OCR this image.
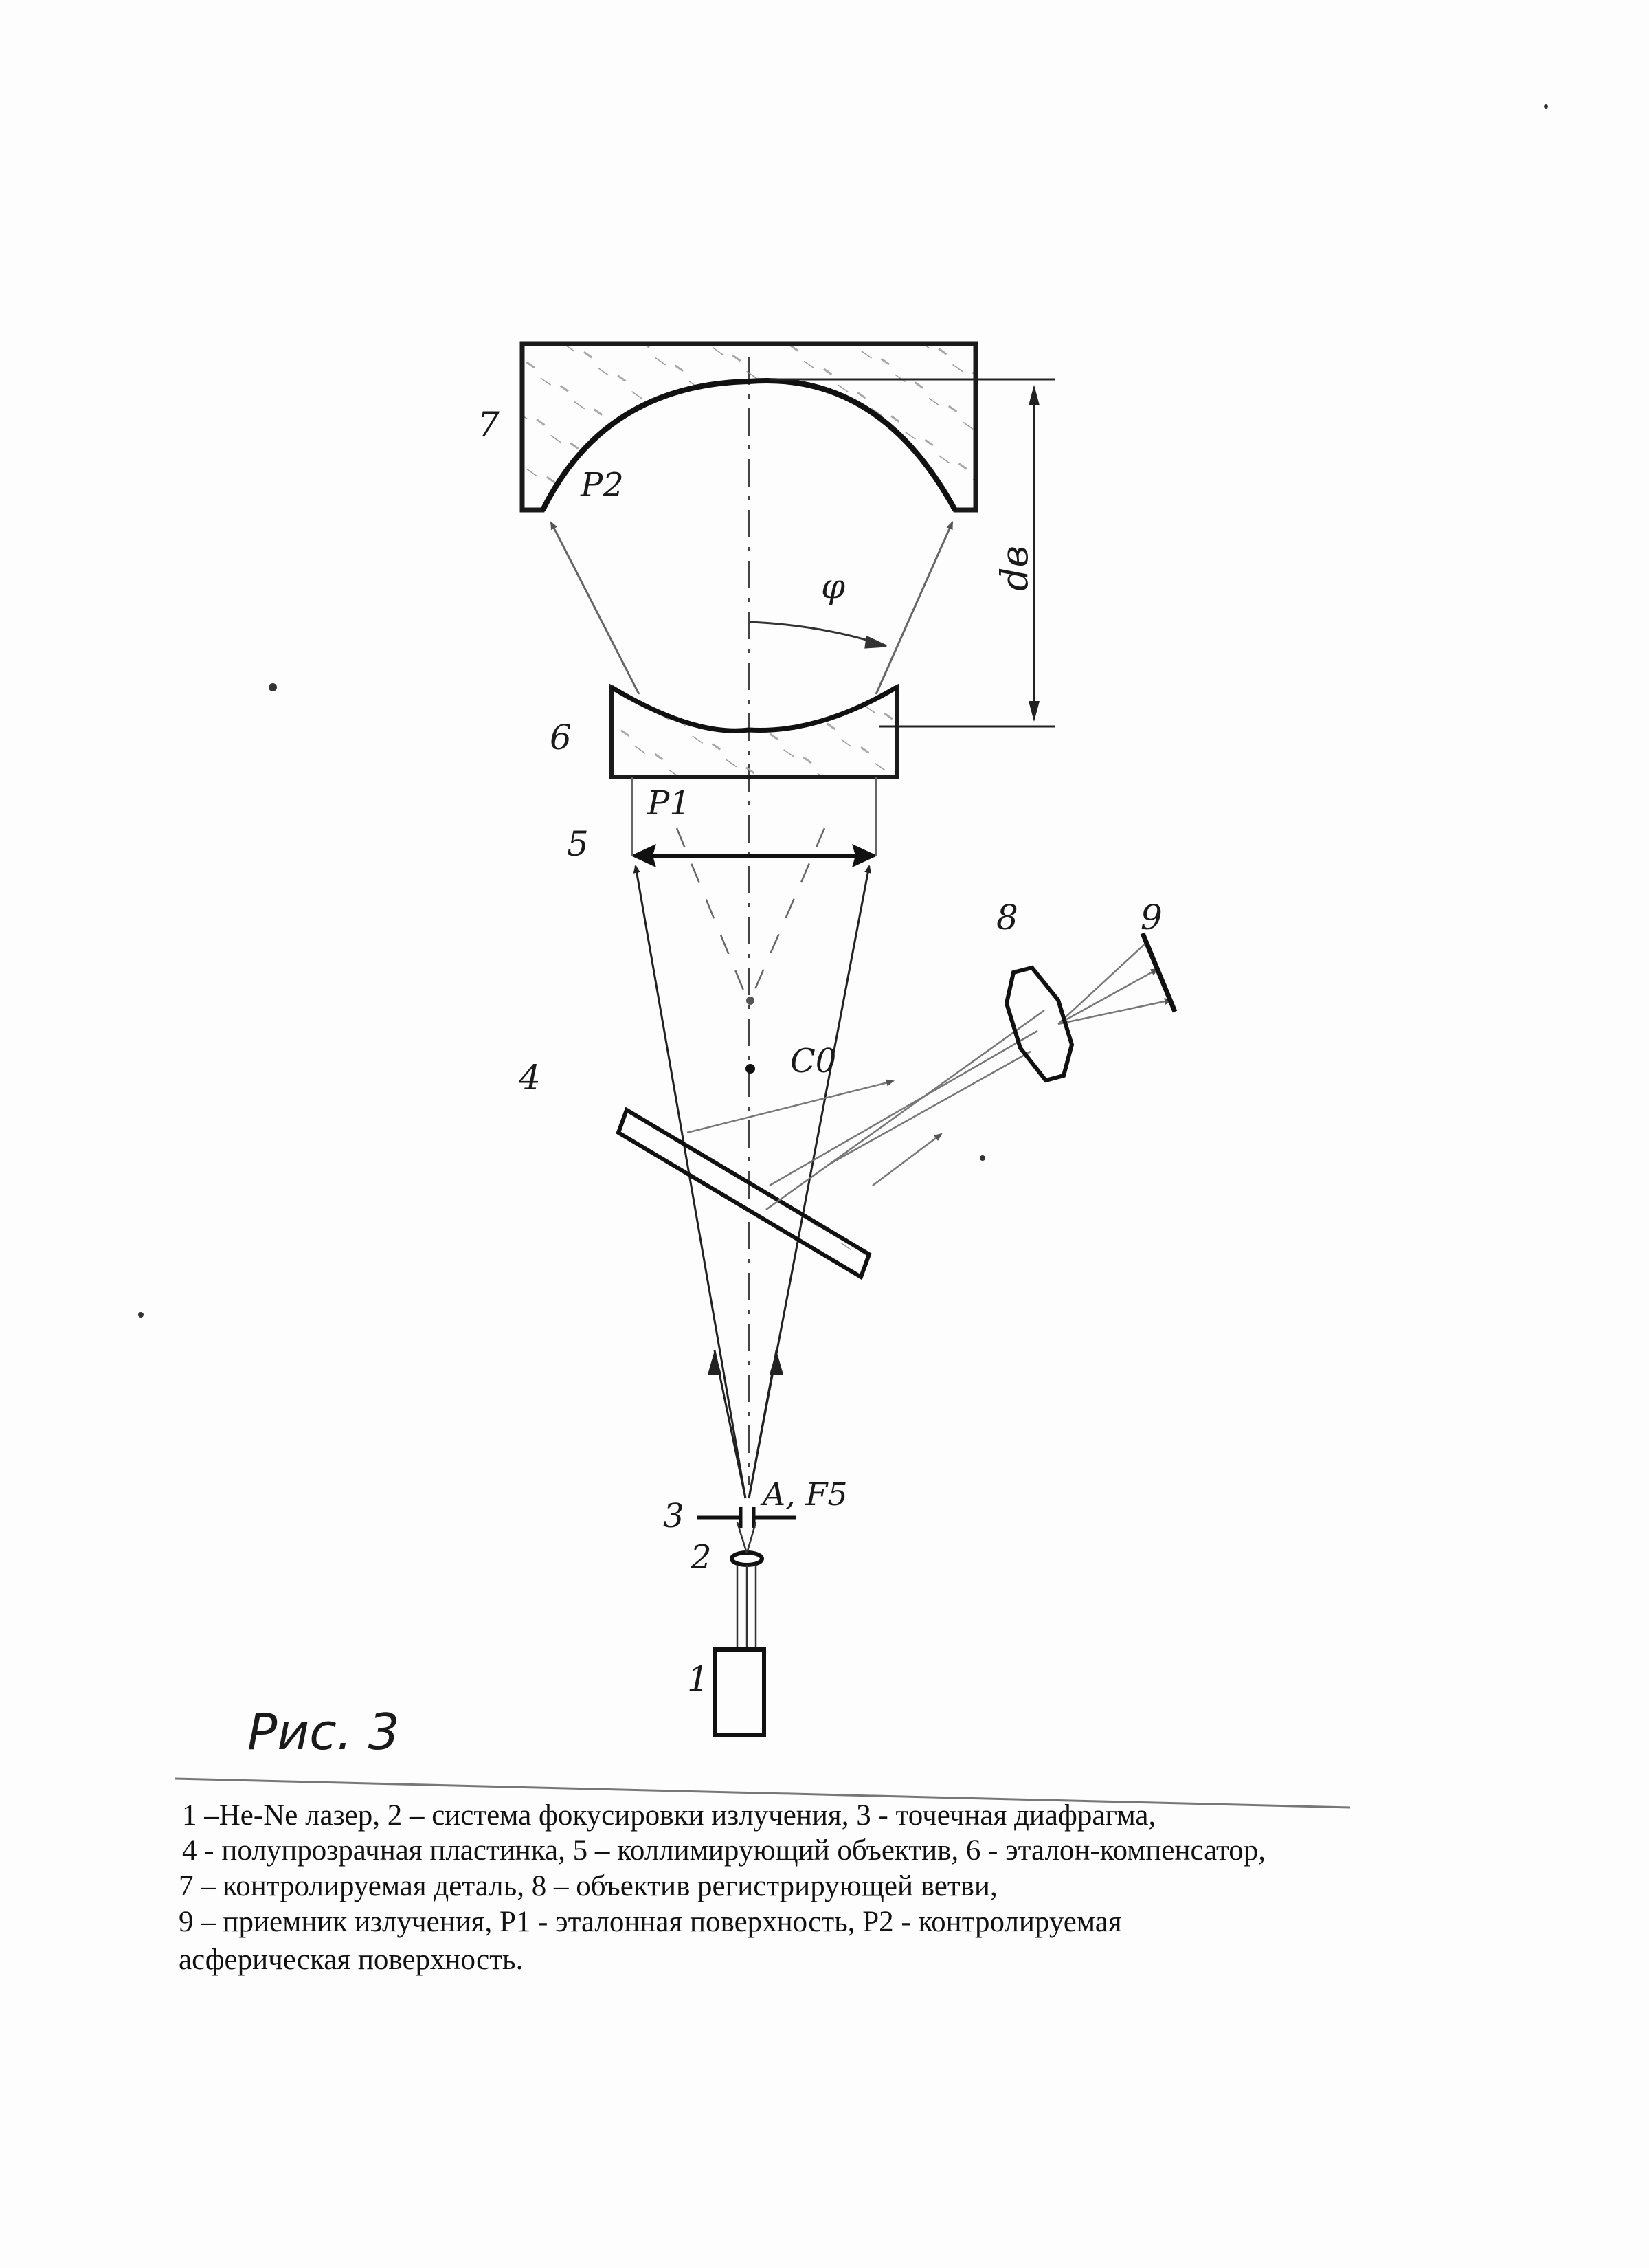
7
P2
φ	dв
6
P1
5
8	9
C0
4
3
A, F5
2
1
Рис. 3
1 –He-Ne лазер, 2 – система фокусировки излучения, 3 - точечная диафрагма,
4 - полупрозрачная пластинка, 5 – коллимирующий объектив, 6 - эталон-компенсатор,
7 – контролируемая деталь, 8 – объектив регистрирующей ветви,
9 – приемник излучения, P1 - эталонная поверхность, P2 - контролируемая
асферическая поверхность.
